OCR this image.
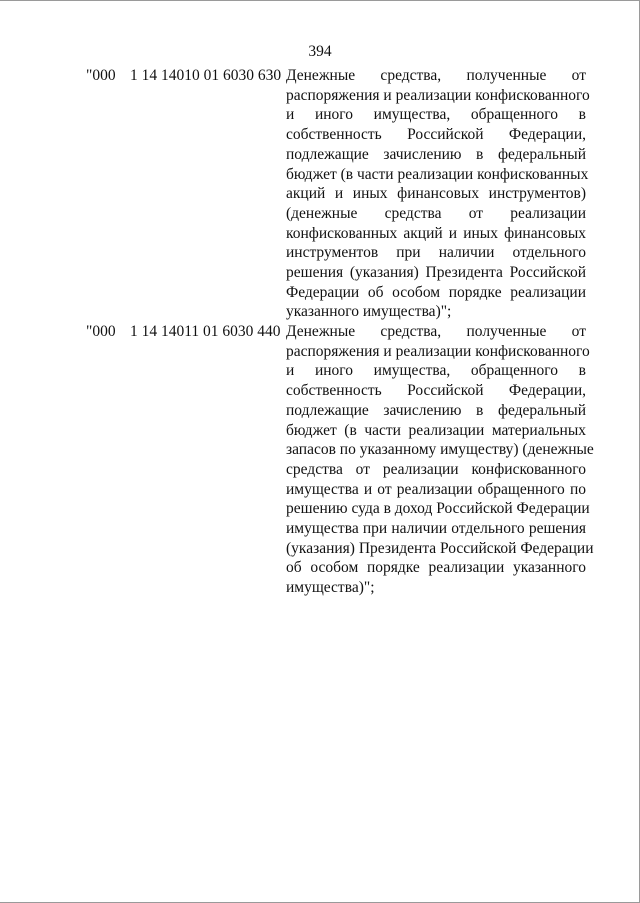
394
"000 1 14 14010 01 6030 630 Денежные средства, полученные от
распоряжения и реализации конфискованного
и иного имущества, обращенного в
собственность Российской Федерации,
подлежащие зачислению в федеральный
бюджет (в части реализации конфискованных
акций и иных финансовых инструментов)
(денежные средства от реализации
конфискованных акций и иных финансовых
инструментов при наличии отдельного
решения (указания) Президента Российской
Федерации об особом порядке реализации
указанного имущества)";
"000 1 14 14011 01 6030 440 Денежные средства, полученные от
распоряжения и реализации конфискованного
и иного имущества, обращенного в
собственность Российской Федерации,
подлежащие зачислению в федеральный
бюджет (в части реализации материальных
запасов по указанному имуществу) (денежные
средства от реализации конфискованного
имущества и от реализации обращенного по
решению суда в доход Российской Федерации
имущества при наличии отдельного решения
(указания) Президента Российской Федерации
об особом порядке реализации указанного
имущества)";
